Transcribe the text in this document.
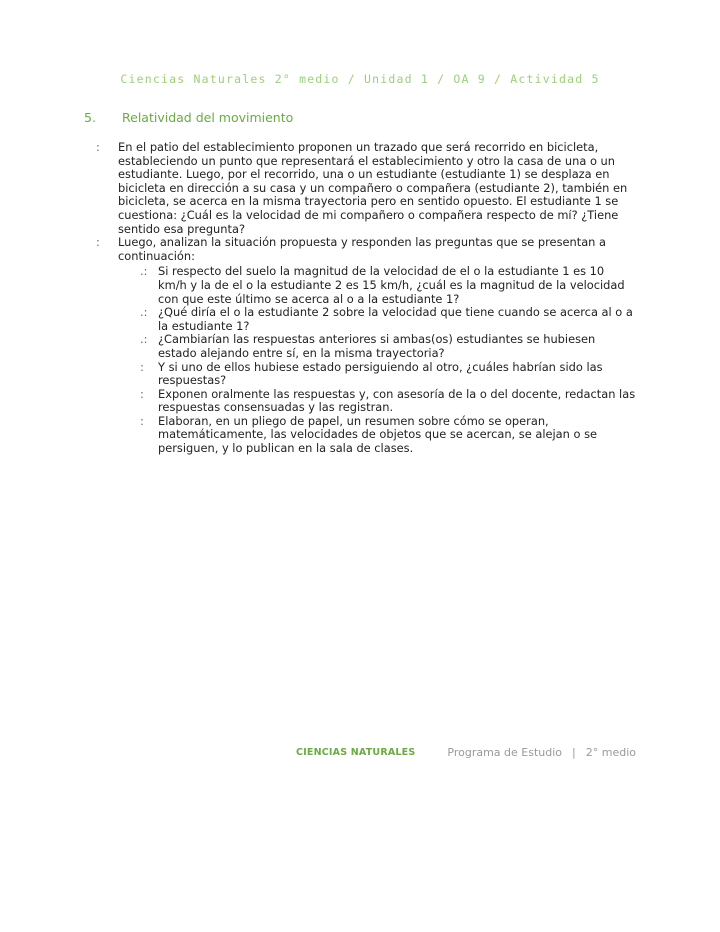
Ciencias Naturales 2° medio / Unidad 1 / OA 9 / Actividad 5
5.	Relatividad del movimiento
:	En el patio del establecimiento proponen un trazado que será recorrido en bicicleta, estableciendo un punto que representará el establecimiento y otro la casa de una o un estudiante. Luego, por el recorrido, una o un estudiante (estudiante 1) se desplaza en bicicleta en dirección a su casa y un compañero o compañera (estudiante 2), también en bicicleta, se acerca en la misma trayectoria pero en sentido opuesto. El estudiante 1 se cuestiona: ¿Cuál es la velocidad de mi compañero o compañera respecto de mí? ¿Tiene sentido esa pregunta?
:	Luego, analizan la situación propuesta y responden las preguntas que se presentan a continuación:
.: Si respecto del suelo la magnitud de la velocidad de el o la estudiante 1 es 10 km/h y la de el o la estudiante 2 es 15 km/h, ¿cuál es la magnitud de la velocidad con que este último se acerca al o a la estudiante 1?
.: ¿Qué diría el o la estudiante 2 sobre la velocidad que tiene cuando se acerca al o a la estudiante 1?
.: ¿Cambiarían las respuestas anteriores si ambas(os) estudiantes se hubiesen estado alejando entre sí, en la misma trayectoria?
:	Y si uno de ellos hubiese estado persiguiendo al otro, ¿cuáles habrían sido las respuestas?
:	Exponen oralmente las respuestas y, con asesoría de la o del docente, redactan las respuestas consensuadas y las registran.
:	Elaboran, en un pliego de papel, un resumen sobre cómo se operan, matemáticamente, las velocidades de objetos que se acercan, se alejan o se persiguen, y lo publican en la sala de clases.
CIENCIAS NATURALES	Programa de Estudio | 2° medio
